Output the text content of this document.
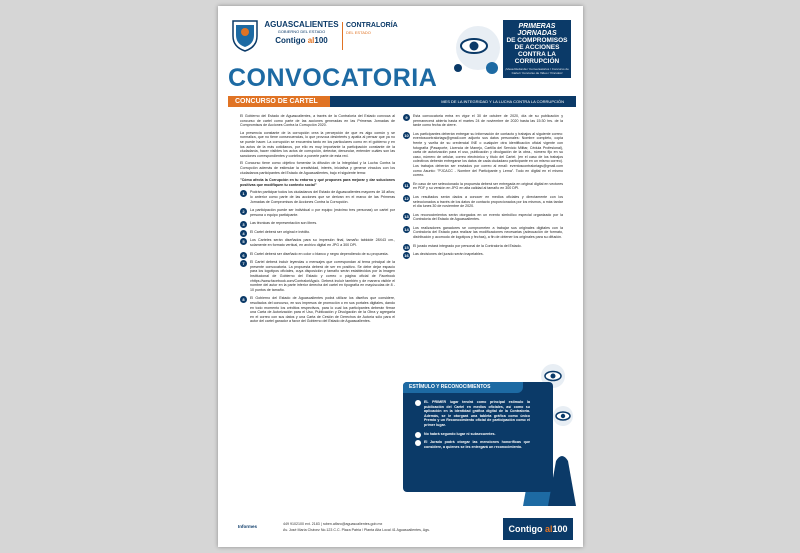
AGUASCALIENTES
GOBIERNO DEL ESTADO
Contigo al100
CONTRALORÍA
DEL ESTADO
PRIMERAS
JORNADAS
DE COMPROMISOS
DE ACCIONES
CONTRA LA
CORRUPCIÓN
¡Mesa Redonda / Conversatorios / Concurso de Cartel / Concurso de Video / Vínculos!
Octubre de 2020
CONVOCATORIA
CONCURSO DE CARTEL	MES DE LA INTEGRIDAD Y LA LUCHA CONTRA LA CORRUPCIÓN

El Gobierno del Estado de Aguascalientes, a través de la Contraloría del Estado convoca al concurso de cartel como parte de las acciones generadas en las Primeras Jornadas de Compromisos de Acciones Contra la Corrupción 2020.

La presencia constante de la corrupción crea la percepción de que es algo común y se normaliza, que no tiene consecuencias, lo que provoca desinterés y apatía al pensar que ya no se puede hacer. La corrupción se encuentra tanto en los particulares como en el gobierno y en los actos de la más cotidianos, por ello es muy importante la participación constante de la ciudadanía, hacer visibles los actos de corrupción, detectar, denunciar, entender cuáles son las sanciones correspondientes y contribuir a ponerle parte de esta red.

El Concurso tiene como objetivo fomentar la difusión de la Integridad y la Lucha Contra la Corrupción además de estimular la creatividad, interés, iniciativa y generar vínculos con los ciudadanos participantes del Estado de Aguascalientes, bajo el siguiente tema:

"Cómo afecta la Corrupción en tu entorno y qué propones para mejorar y dar soluciones positivas que modifiquen tu contexto social"

1	Podrán participar todos los ciudadanos del Estado de Aguascalientes mayores de 18 años; lo anterior como parte de las acciones que se derivan en el marco de las Primeras Jornadas de Compromisos de Acciones Contra la Corrupción.
2	La participación puede ser individual o por equipo (máximo tres personas) un cartel por persona o equipo participante.
3	Las técnicas de representación son libres.
4	El Cartel deberá ser original e inédito.
5	Los Carteles serán diseñados para su impresión final, tamaño tabloide 28X43 cm., solamente en formato vertical, en archivo digital en JPG a 300 DPI.
6	El Cartel deberá ser diseñado en color o blanco y negro dependiendo de su propuesta.
7	El Cartel deberá incluir leyendas o mensajes que correspondan al tema principal de la presente convocatoria. La propuesta deberá de ser en positivo. Se debe dejar espacio para los logotipos oficiales, cuya disposición y tamaño serán establecidos por la Imagen Institucional de Gobierno del Estado y correo o página oficial de Facebook vhttps://www.facebook.com/ContraloriAgs/o. Deberá incluir también y de manera visible el nombre del autor en la parte inferior derecha del cartel en tipografía en mayúsculas de 8 - 10 puntos de tamaño.
8	El Gobierno del Estado de Aguascalientes podrá utilizar los diseños que considere, resultados del concurso, en sus impresos de promoción o en sus portales digitales, dando en todo momento los créditos respectivos, para lo cual los participantes deberán firmar una Carta de Autorización para el Uso, Publicación y Divulgación de la Obra y agregarla en el correo con sus datos y una Carta de Cesión de Derechos de Autoría sólo para el autor del cartel ganador a favor del Gobierno del Estado de Aguascalientes.
9	Esta convocatoria entra en vigor el 30 de octubre de 2020, día de su publicación y permanecerá abierta hasta el martes 24 de noviembre de 2020 hasta las 15:30 hrs. de la tarde como fecha de cierre.
10	Los participantes deberán entregar su información de contacto y trabajos al siguiente correo: eventoscontraloriags@gmail.com adjunto sus datos personales: Nombre completo, copia frente y vuelta de su credencial INE o cualquier otra identificación oficial vigente con fotografía (Pasaporte, Licencia de Manejo, Cartilla del Servicio Militar, Cédula Profesional), carta de autorización para el uso, publicación y divulgación de la obra., número fijo en su caso, número de celular, correo electrónico y título del Cartel. (en el caso de los trabajos colectivos deberán entregarse los datos de cada ciudadano participante en un mismo correo). Los trabajos deberán ser enviados por correo al email: eventoscontraloriags@gmail.com como Asunto: "PJCACC - Nombre del Participante y Lema". Todo en digital en el mismo correo.
11	En caso de ser seleccionado la propuesta deberá ser entregada en original digital en vectores en PDF y su versión en JPG en alta calidad al tamaño en 300 DPI.
12	Los resultados serán dados a conocer en medios oficiales y directamente con los seleccionados a través de los datos de contacto proporcionados por los mismos, a más tardar el día lunes 30 de noviembre de 2020.
13	Los reconocimientos serán otorgados en un evento simbólico especial organizado por la Contraloría del Estado de Aguascalientes.
14	Los realizadores ganadores se comprometen a trabajar sus originales digitales con la Contraloría del Estado para realizar las modificaciones necesarias (adecuación de formato, distribución y acomodo de logotipos y fechas), a fin de obtener los originales para su difusión.
15	El jurado estará integrado por personal de la Contraloría del Estado.
16	Las decisiones del jurado serán inapelables.
ESTÍMULO Y RECONOCIMIENTOS
EL PRIMER lugar tendrá como principal estímulo la publicación del Cartel en medios oficiales, así como su aplicación en la identidad gráfica digital de la Contraloría. Además, se le otorgará una tableta gráfica como único Premio y un Reconocimiento oficial de participación como el primer lugar.
No habrá segundo lugar ni subsecuentes.
El Jurado podrá otorgar las menciones honoríficas que considere, a quienes se les entregará un reconocimiento.
Informes	449 9102100 ext. 2183 | ruben.alfaro@aguascalientes.gob.mx
Av. José María Chávez No.123 C.C. Plaza Patria / Planta Alta Local 41 Aguascalientes, Ags.	Contigo al100
